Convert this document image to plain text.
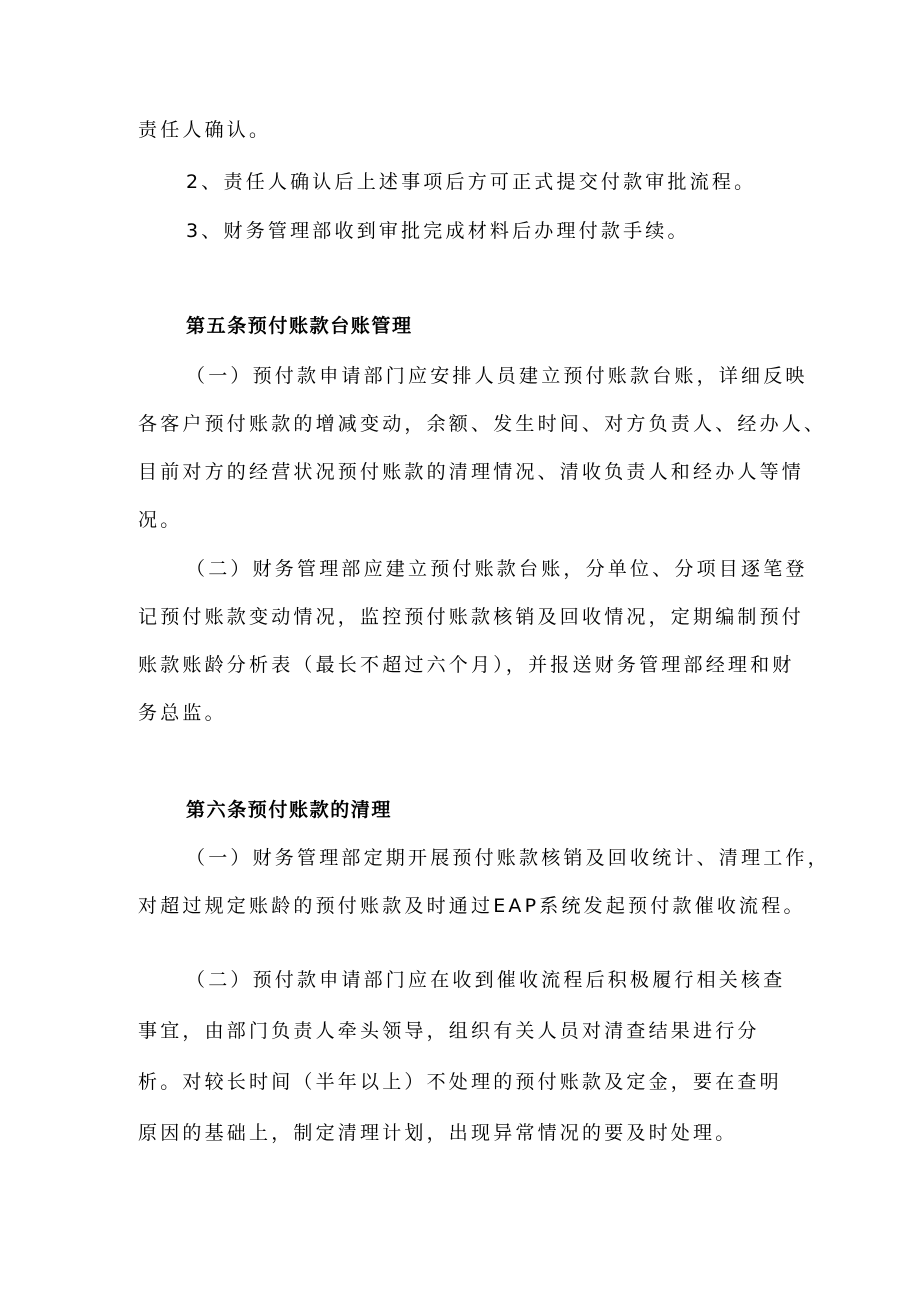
责任人确认。

2、责任人确认后上述事项后方可正式提交付款审批流程。

3、财务管理部收到审批完成材料后办理付款手续。

第五条预付账款台账管理

（一）预付款申请部门应安排人员建立预付账款台账，详细反映

各客户预付账款的增减变动，余额、发生时间、对方负责人、经办人、

目前对方的经营状况预付账款的清理情况、清收负责人和经办人等情

况。

（二）财务管理部应建立预付账款台账，分单位、分项目逐笔登

记预付账款变动情况，监控预付账款核销及回收情况，定期编制预付

账款账龄分析表（最长不超过六个月），并报送财务管理部经理和财

务总监。

第六条预付账款的清理

（一）财务管理部定期开展预付账款核销及回收统计、清理工作，

对超过规定账龄的预付账款及时通过EAP系统发起预付款催收流程。

（二）预付款申请部门应在收到催收流程后积极履行相关核查

事宜，由部门负责人牵头领导，组织有关人员对清查结果进行分

析。对较长时间（半年以上）不处理的预付账款及定金，要在查明

原因的基础上，制定清理计划，出现异常情况的要及时处理。
